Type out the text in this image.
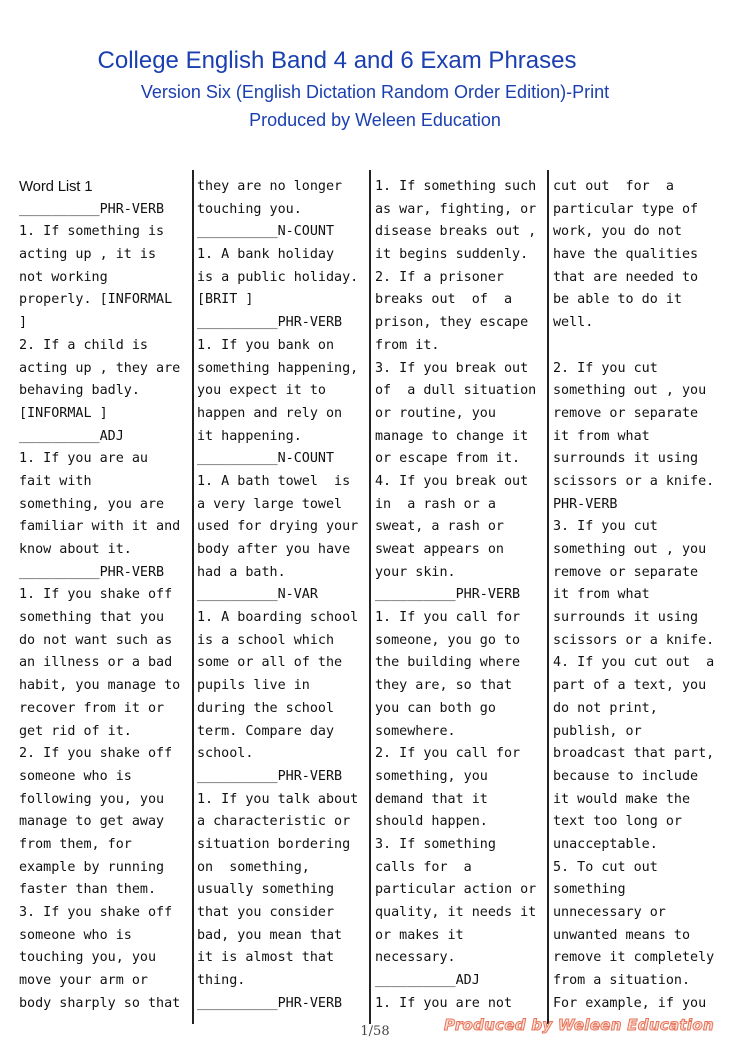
College English Band 4 and 6 Exam Phrases
Version Six (English Dictation Random Order Edition)-Print
Produced by Weleen Education
Word List 1
__________PHR-VERB
1. If something is
acting up , it is
not working
properly. [INFORMAL
]
2. If a child is
acting up , they are
behaving badly.
[INFORMAL ]
__________ADJ
1. If you are au
fait with
something, you are
familiar with it and
know about it.
__________PHR-VERB
1. If you shake off
something that you
do not want such as
an illness or a bad
habit, you manage to
recover from it or
get rid of it.
2. If you shake off
someone who is
following you, you
manage to get away
from them, for
example by running
faster than them.
3. If you shake off
someone who is
touching you, you
move your arm or
body sharply so that
they are no longer
touching you.
__________N-COUNT
1. A bank holiday
is a public holiday.
[BRIT ]
__________PHR-VERB
1. If you bank on
something happening,
you expect it to
happen and rely on
it happening.
__________N-COUNT
1. A bath towel  is
a very large towel
used for drying your
body after you have
had a bath.
__________N-VAR
1. A boarding school
is a school which
some or all of the
pupils live in
during the school
term. Compare day
school.
__________PHR-VERB
1. If you talk about
a characteristic or
situation bordering
on  something,
usually something
that you consider
bad, you mean that
it is almost that
thing.
__________PHR-VERB
1. If something such
as war, fighting, or
disease breaks out ,
it begins suddenly.
2. If a prisoner
breaks out  of  a
prison, they escape
from it.
3. If you break out
of  a dull situation
or routine, you
manage to change it
or escape from it.
4. If you break out
in  a rash or a
sweat, a rash or
sweat appears on
your skin.
__________PHR-VERB
1. If you call for
someone, you go to
the building where
they are, so that
you can both go
somewhere.
2. If you call for
something, you
demand that it
should happen.
3. If something
calls for  a
particular action or
quality, it needs it
or makes it
necessary.
__________ADJ
1. If you are not
cut out  for  a
particular type of
work, you do not
have the qualities
that are needed to
be able to do it
well.
2. If you cut
something out , you
remove or separate
it from what
surrounds it using
scissors or a knife.
PHR-VERB
3. If you cut
something out , you
remove or separate
it from what
surrounds it using
scissors or a knife.
4. If you cut out  a
part of a text, you
do not print,
publish, or
broadcast that part,
because to include
it would make the
text too long or
unacceptable.
5. To cut out
something
unnecessary or
unwanted means to
remove it completely
from a situation.
For example, if you
1/58	Produced by Weleen Education
